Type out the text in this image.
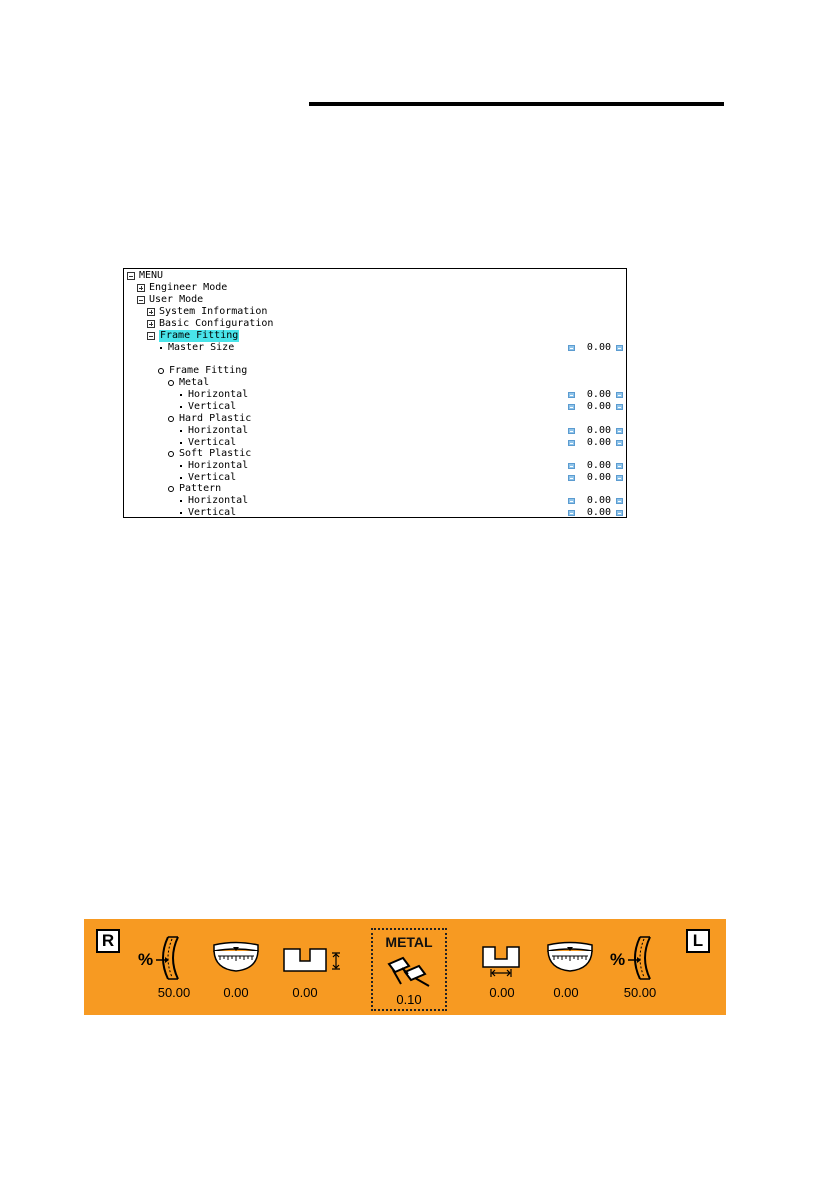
MENU
Engineer Mode
User Mode
System Information
Basic Configuration
Frame Fitting
Master Size	0.00
Frame Fitting
Metal
Horizontal	0.00
Vertical	0.00
Hard Plastic
Horizontal	0.00
Vertical	0.00
Soft Plastic
Horizontal	0.00
Vertical	0.00
Pattern
Horizontal	0.00
Vertical	0.00
R
%
50.00	0.00	0.00
METAL
0.10	0.00	0.00
%
50.00
L
